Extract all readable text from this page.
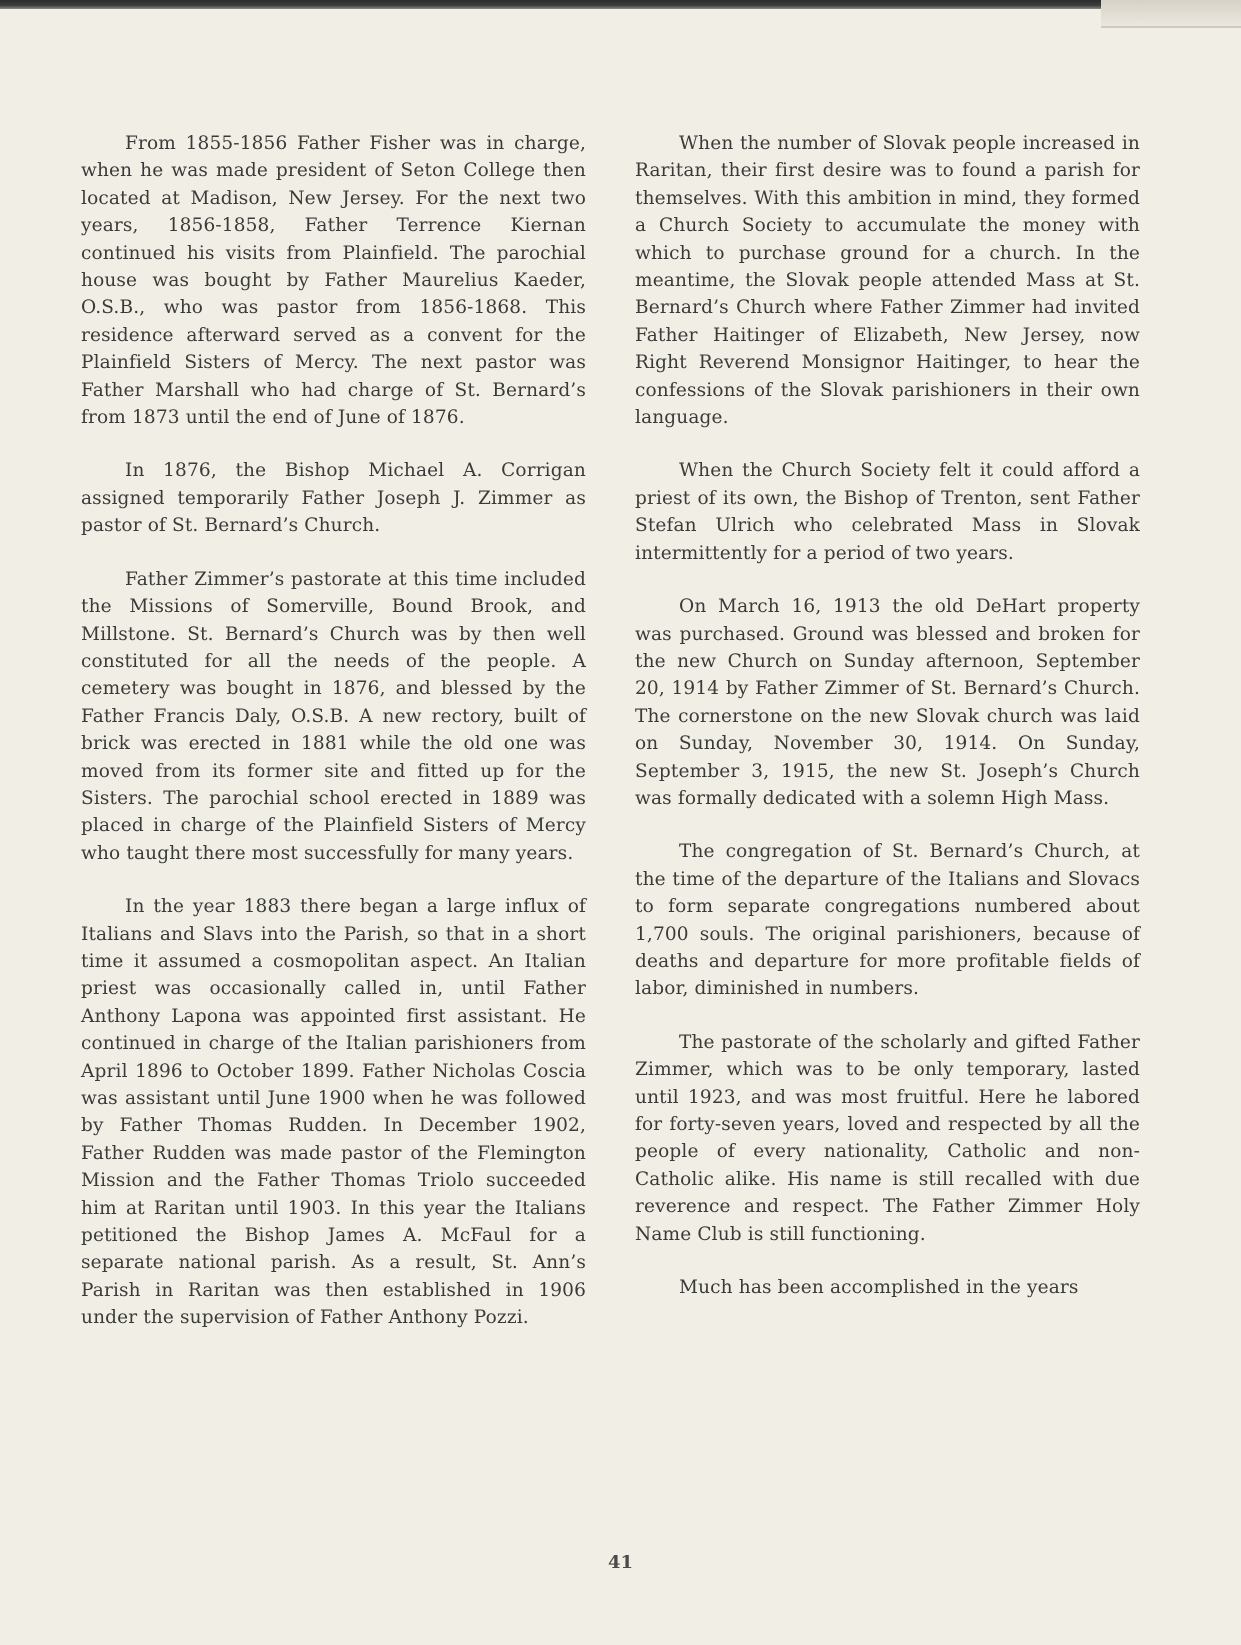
From 1855-1856 Father Fisher was in charge, when he was made president of Seton College then located at Madison, New Jersey. For the next two years, 1856-1858, Father Terrence Kiernan continued his visits from Plainfield. The parochial house was bought by Father Maurelius Kaeder, O.S.B., who was pastor from 1856-1868. This residence afterward served as a convent for the Plainfield Sisters of Mercy. The next pastor was Father Marshall who had charge of St. Bernard’s from 1873 until the end of June of 1876.

In 1876, the Bishop Michael A. Corrigan assigned temporarily Father Joseph J. Zimmer as pastor of St. Bernard’s Church.

Father Zimmer’s pastorate at this time included the Missions of Somerville, Bound Brook, and Millstone. St. Bernard’s Church was by then well constituted for all the needs of the people. A cemetery was bought in 1876, and blessed by the Father Francis Daly, O.S.B. A new rectory, built of brick was erected in 1881 while the old one was moved from its former site and fitted up for the Sisters. The parochial school erected in 1889 was placed in charge of the Plainfield Sisters of Mercy who taught there most successfully for many years.

In the year 1883 there began a large influx of Italians and Slavs into the Parish, so that in a short time it assumed a cosmopolitan aspect. An Italian priest was occasionally called in, until Father Anthony Lapona was appointed first assistant. He continued in charge of the Italian parishioners from April 1896 to October 1899. Father Nicholas Coscia was assistant until June 1900 when he was followed by Father Thomas Rudden. In December 1902, Father Rudden was made pastor of the Flemington Mission and the Father Thomas Triolo succeeded him at Raritan until 1903. In this year the Italians petitioned the Bishop James A. McFaul for a separate national parish. As a result, St. Ann’s Parish in Raritan was then established in 1906 under the supervision of Father Anthony Pozzi.

When the number of Slovak people increased in Raritan, their first desire was to found a parish for themselves. With this ambition in mind, they formed a Church Society to accumulate the money with which to purchase ground for a church. In the meantime, the Slovak people attended Mass at St. Bernard’s Church where Father Zimmer had invited Father Haitinger of Elizabeth, New Jersey, now Right Reverend Monsignor Haitinger, to hear the confessions of the Slovak parishioners in their own language.

When the Church Society felt it could afford a priest of its own, the Bishop of Trenton, sent Father Stefan Ulrich who celebrated Mass in Slovak intermittently for a period of two years.

On March 16, 1913 the old DeHart property was purchased. Ground was blessed and broken for the new Church on Sunday afternoon, September 20, 1914 by Father Zimmer of St. Bernard’s Church. The cornerstone on the new Slovak church was laid on Sunday, November 30, 1914. On Sunday, September 3, 1915, the new St. Joseph’s Church was formally dedicated with a solemn High Mass.

The congregation of St. Bernard’s Church, at the time of the departure of the Italians and Slovacs to form separate congregations numbered about 1,700 souls. The original parishioners, because of deaths and departure for more profitable fields of labor, diminished in numbers.

The pastorate of the scholarly and gifted Father Zimmer, which was to be only temporary, lasted until 1923, and was most fruitful. Here he labored for forty-seven years, loved and respected by all the people of every nationality, Catholic and non-Catholic alike. His name is still recalled with due reverence and respect. The Father Zimmer Holy Name Club is still functioning.

Much has been accomplished in the years

41
